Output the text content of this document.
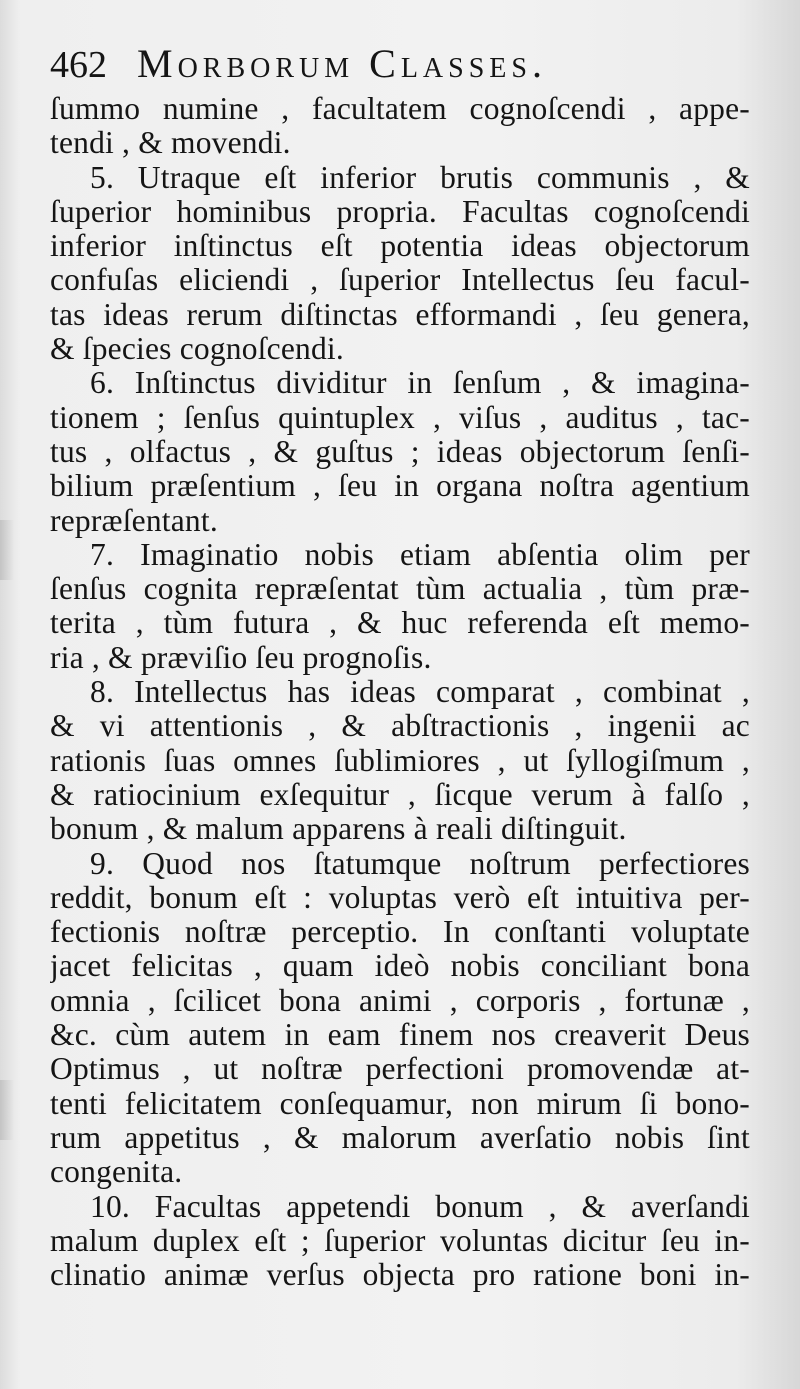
462 Morborum Classes.
ſummo numine , facultatem cognoſcendi , appe-
tendi , & movendi.
5. Utraque eſt inferior brutis communis , &
ſuperior hominibus propria. Facultas cognoſcendi
inferior inſtinctus eſt potentia ideas objectorum
confuſas eliciendi , ſuperior Intellectus ſeu facul-
tas ideas rerum diſtinctas efformandi , ſeu genera,
& ſpecies cognoſcendi.
6. Inſtinctus dividitur in ſenſum , & imagina-
tionem ; ſenſus quintuplex , viſus , auditus , tac-
tus , olfactus , & guſtus ; ideas objectorum ſenſi-
bilium præſentium , ſeu in organa noſtra agentium
repræſentant.
7. Imaginatio nobis etiam abſentia olim per
ſenſus cognita repræſentat tùm actualia , tùm præ-
terita , tùm futura , & huc referenda eſt memo-
ria , & præviſio ſeu prognoſis.
8. Intellectus has ideas comparat , combinat ,
& vi attentionis , & abſtractionis , ingenii ac
rationis ſuas omnes ſublimiores , ut ſyllogiſmum ,
& ratiocinium exſequitur , ſicque verum à falſo ,
bonum , & malum apparens à reali diſtinguit.
9. Quod nos ſtatumque noſtrum perfectiores
reddit, bonum eſt : voluptas verò eſt intuitiva per-
fectionis noſtræ perceptio. In conſtanti voluptate
jacet felicitas , quam ideò nobis conciliant bona
omnia , ſcilicet bona animi , corporis , fortunæ ,
&c. cùm autem in eam finem nos creaverit Deus
Optimus , ut noſtræ perfectioni promovendæ at-
tenti felicitatem conſequamur, non mirum ſi bono-
rum appetitus , & malorum averſatio nobis ſint
congenita.
10. Facultas appetendi bonum , & averſandi
malum duplex eſt ; ſuperior voluntas dicitur ſeu in-
clinatio animæ verſus objecta pro ratione boni in-
